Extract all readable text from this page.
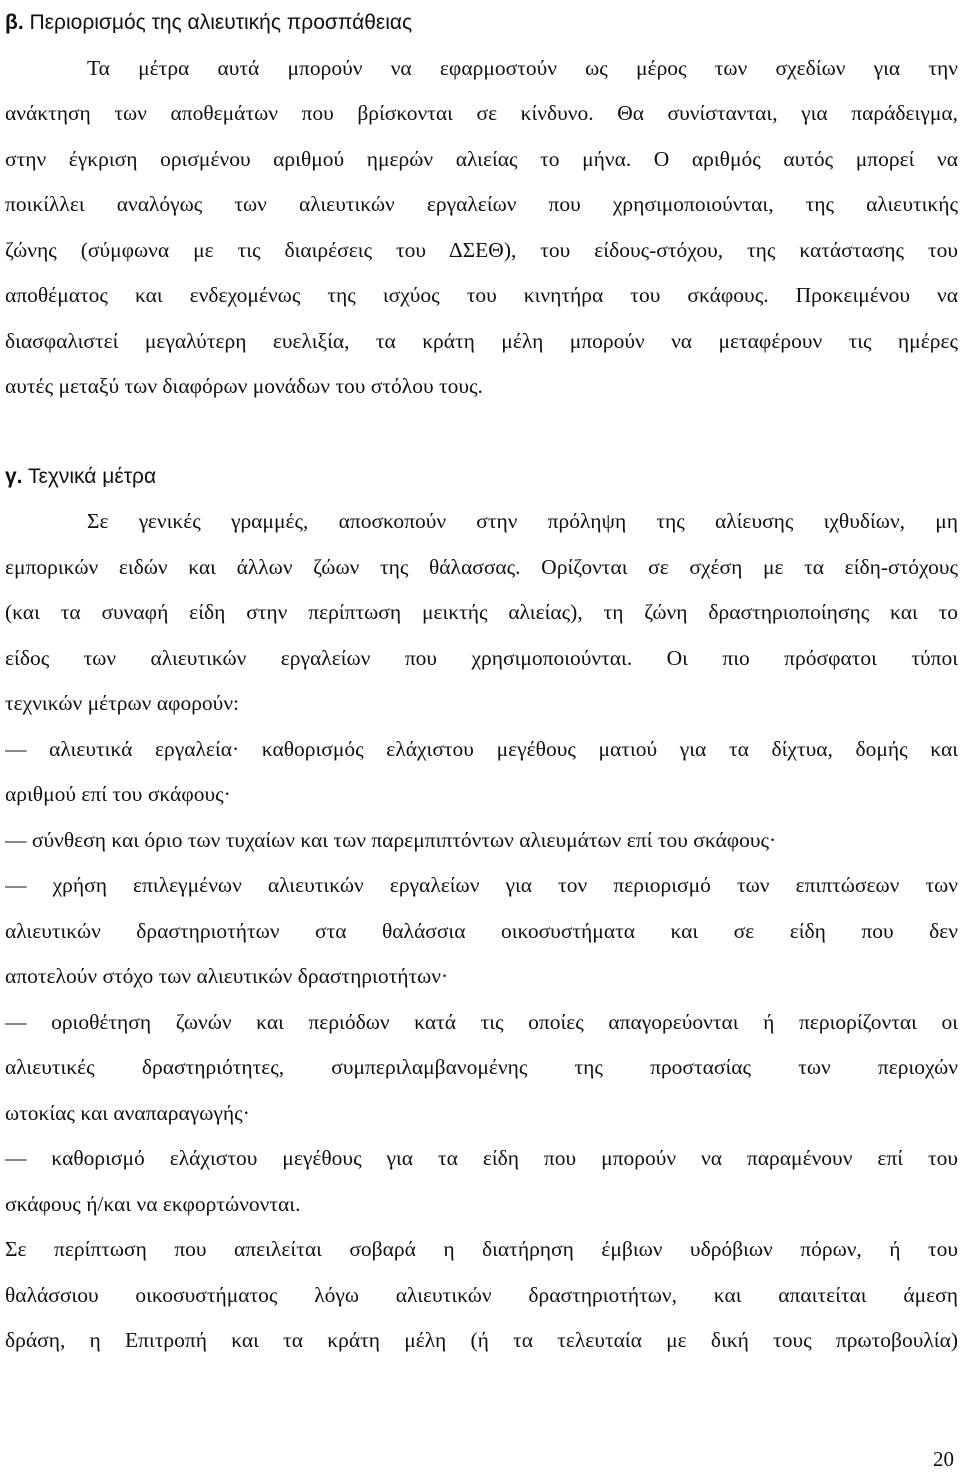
β. Περιορισμός της αλιευτικής προσπάθειας
Τα μέτρα αυτά μπορούν να εφαρμοστούν ως μέρος των σχεδίων για την
ανάκτηση των αποθεμάτων που βρίσκονται σε κίνδυνο. Θα συνίστανται, για παράδειγμα,
στην έγκριση ορισμένου αριθμού ημερών αλιείας το μήνα. Ο αριθμός αυτός μπορεί να
ποικίλλει αναλόγως των αλιευτικών εργαλείων που χρησιμοποιούνται, της αλιευτικής
ζώνης (σύμφωνα με τις διαιρέσεις του ΔΣΕΘ), του είδους-στόχου, της κατάστασης του
αποθέματος και ενδεχομένως της ισχύος του κινητήρα του σκάφους. Προκειμένου να
διασφαλιστεί μεγαλύτερη ευελιξία, τα κράτη μέλη μπορούν να μεταφέρουν τις ημέρες
αυτές μεταξύ των διαφόρων μονάδων του στόλου τους.
γ. Τεχνικά μέτρα
Σε γενικές γραμμές, αποσκοπούν στην πρόληψη της αλίευσης ιχθυδίων, μη
εμπορικών ειδών και άλλων ζώων της θάλασσας. Ορίζονται σε σχέση με τα είδη-στόχους
(και τα συναφή είδη στην περίπτωση μεικτής αλιείας), τη ζώνη δραστηριοποίησης και το
είδος των αλιευτικών εργαλείων που χρησιμοποιούνται. Οι πιο πρόσφατοι τύποι
τεχνικών μέτρων αφορούν:
— αλιευτικά εργαλεία· καθορισμός ελάχιστου μεγέθους ματιού για τα δίχτυα, δομής και
αριθμού επί του σκάφους·
— σύνθεση και όριο των τυχαίων και των παρεμπιπτόντων αλιευμάτων επί του σκάφους·
— χρήση επιλεγμένων αλιευτικών εργαλείων για τον περιορισμό των επιπτώσεων των
αλιευτικών δραστηριοτήτων στα θαλάσσια οικοσυστήματα και σε είδη που δεν
αποτελούν στόχο των αλιευτικών δραστηριοτήτων·
— οριοθέτηση ζωνών και περιόδων κατά τις οποίες απαγορεύονται ή περιορίζονται οι
αλιευτικές δραστηριότητες, συμπεριλαμβανομένης της προστασίας των περιοχών
ωτοκίας και αναπαραγωγής·
— καθορισμό ελάχιστου μεγέθους για τα είδη που μπορούν να παραμένουν επί του
σκάφους ή/και να εκφορτώνονται.
Σε περίπτωση που απειλείται σοβαρά η διατήρηση έμβιων υδρόβιων πόρων, ή του
θαλάσσιου οικοσυστήματος λόγω αλιευτικών δραστηριοτήτων, και απαιτείται άμεση
δράση, η Επιτροπή και τα κράτη μέλη (ή τα τελευταία με δική τους πρωτοβουλία)
20
